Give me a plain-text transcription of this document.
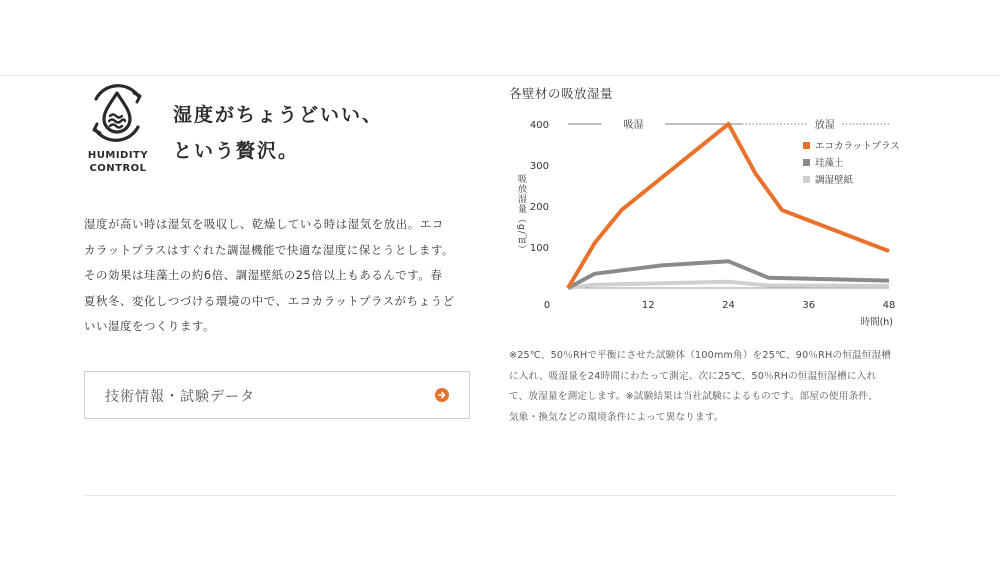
HUMIDITY
CONTROL
湿度がちょうどいい、
という贅沢。
湿度が高い時は湿気を吸収し、乾燥している時は湿気を放出。エコ
カラットプラスはすぐれた調湿機能で快適な湿度に保とうとします。
その効果は珪藻土の約6倍、調湿壁紙の25倍以上もあるんです。春
夏秋冬、変化しつづける環境の中で、エコカラットプラスがちょうど
いい湿度をつくります。
技術情報・試験データ
各壁材の吸放湿量
100
200
300
400
0	12	24	36	48
時間(h)
吸放湿量（g/㎡）
吸湿	放湿
エコカラットプラス
珪藻土
調湿壁紙
※25℃、50％RHで平衡にさせた試験体（100mm角）を25℃、90％RHの恒温恒湿槽
に入れ、吸湿量を24時間にわたって測定。次に25℃、50％RHの恒温恒湿槽に入れ
て、放湿量を測定します。※試験結果は当社試験によるものです。部屋の使用条件、
気象・換気などの環境条件によって異なります。
